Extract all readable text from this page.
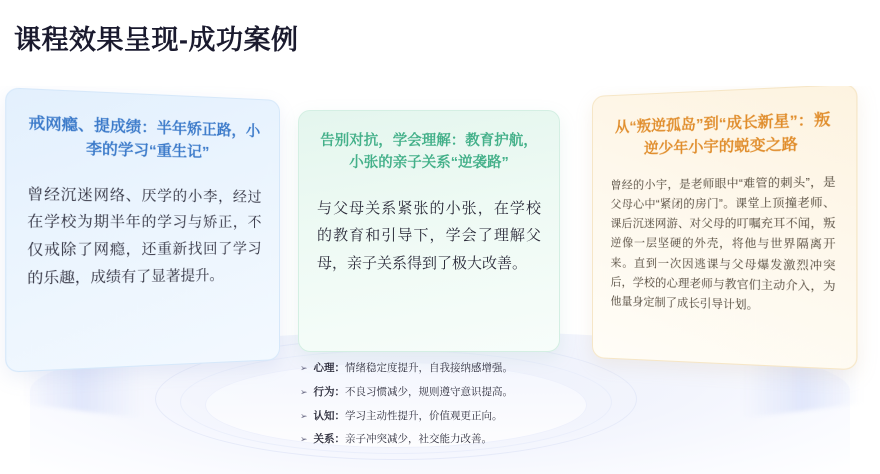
课程效果呈现-成功案例
戒网瘾、提成绩：半年矫正路，小李的学习“重生记”
曾经沉迷网络、厌学的小李，经过在学校为期半年的学习与矫正，不仅戒除了网瘾，还重新找回了学习的乐趣，成绩有了显著提升。
告别对抗，学会理解：教育护航，小张的亲子关系“逆袭路”
与父母关系紧张的小张，在学校的教育和引导下，学会了理解父母，亲子关系得到了极大改善。
从“叛逆孤岛”到“成长新星”：叛逆少年小宇的蜕变之路
曾经的小宇，是老师眼中“难管的刺头”，是父母心中“紧闭的房门”。课堂上顶撞老师、课后沉迷网游、对父母的叮嘱充耳不闻，叛逆像一层坚硬的外壳，将他与世界隔离开来。直到一次因逃课与父母爆发激烈冲突后，学校的心理老师与教官们主动介入，为他量身定制了成长引导计划。
➢ 心理： 情绪稳定度提升，自我接纳感增强。
➢ 行为： 不良习惯减少，规则遵守意识提高。
➢ 认知： 学习主动性提升，价值观更正向。
➢ 关系： 亲子冲突减少，社交能力改善。
